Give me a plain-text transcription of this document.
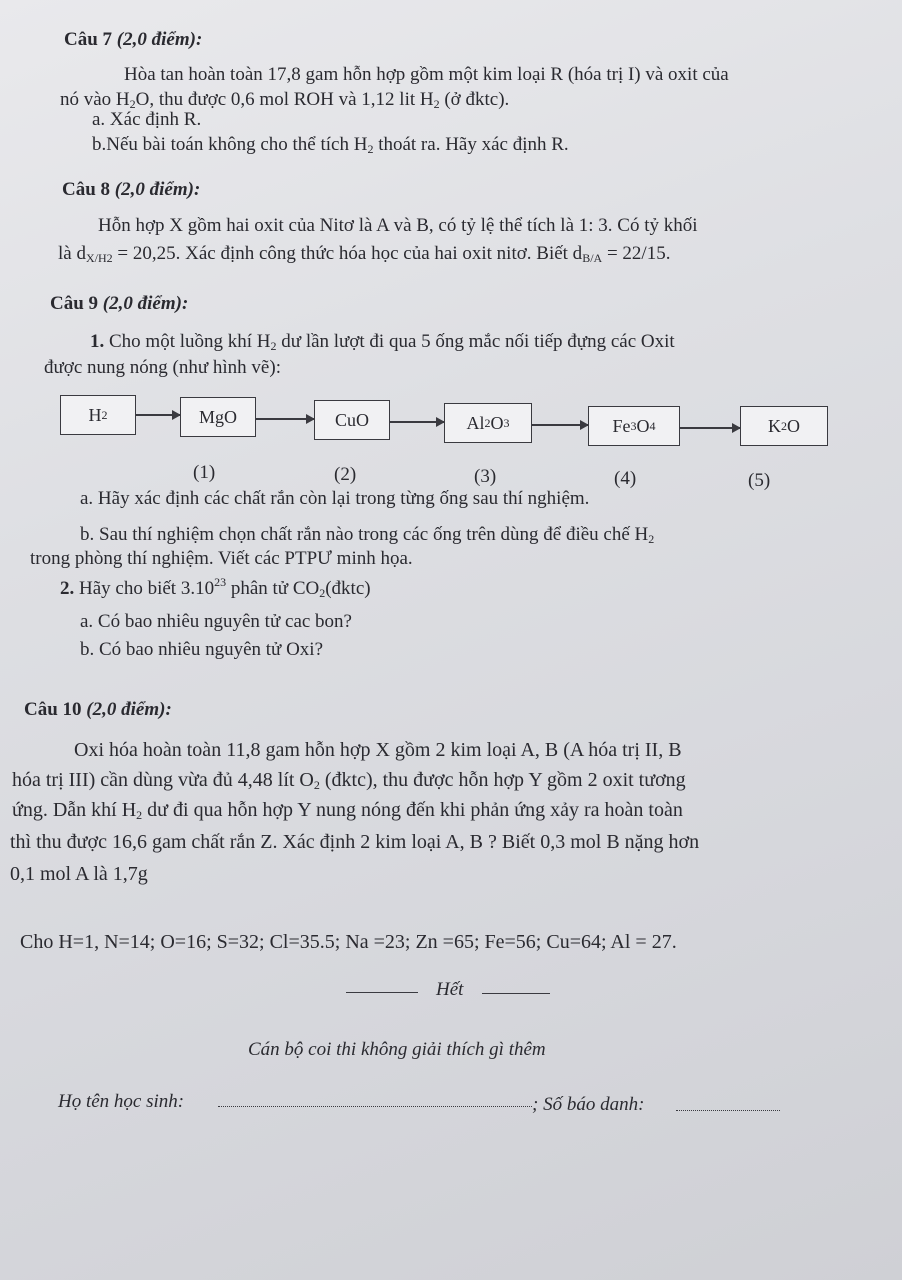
Câu 7 (2,0 điểm):
Hòa tan hoàn toàn 17,8 gam hỗn hợp gồm một kim loại R (hóa trị I) và oxit của
nó vào $H_2O$, thu được 0,6 mol ROH và 1,12 lit $H_2$ (ở đktc).
a. Xác định R.
b.Nếu bài toán không cho thể tích $H_2$ thoát ra. Hãy xác định R.
Câu 8 (2,0 điểm):
Hỗn hợp X gồm hai oxit của Nitơ là A và B, có tỷ lệ thể tích là 1: 3. Có tỷ khối
là $d_{X/H2} = 20,25$. Xác định công thức hóa học của hai oxit nitơ. Biết $d_{B/A} = 22/15$.
Câu 9 (2,0 điểm):
1. Cho một luồng khí $H_2$ dư lần lượt đi qua 5 ống mắc nối tiếp đựng các Oxit
được nung nóng (như hình vẽ):
H 2	MgO	CuO	Al 2 O 3	Fe 3 O 4	K 2 O
(1)	(2)	(3)	(4)	(5)
a. Hãy xác định các chất rắn còn lại trong từng ống sau thí nghiệm.
b. Sau thí nghiệm chọn chất rắn nào trong các ống trên dùng để điều chế $H_2$
trong phòng thí nghiệm. Viết các PTPƯ minh họa.
2. Hãy cho biết 3.10$^{23}$ phân tử $CO_2(đktc)$
a. Có bao nhiêu nguyên tử cac bon?
b. Có bao nhiêu nguyên tử Oxi?
Câu 10 (2,0 điểm):
Oxi hóa hoàn toàn 11,8 gam hỗn hợp X gồm 2 kim loại A, B (A hóa trị II, B
hóa trị III) cần dùng vừa đủ 4,48 lít $O_2$ (đktc), thu được hỗn hợp Y gồm 2 oxit tương
ứng. Dẫn khí $H_2$ dư đi qua hỗn hợp Y nung nóng đến khi phản ứng xảy ra hoàn toàn
thì thu được 16,6 gam chất rắn Z. Xác định 2 kim loại A, B ? Biết 0,3 mol B nặng hơn
0,1 mol A là 1,7g
Cho H=1, N=14; O=16; S=32; Cl=35.5; Na =23; Zn =65; Fe=56; Cu=64; Al = 27.
Hết
Cán bộ coi thi không giải thích gì thêm
Họ tên học sinh:	; Số báo danh:
